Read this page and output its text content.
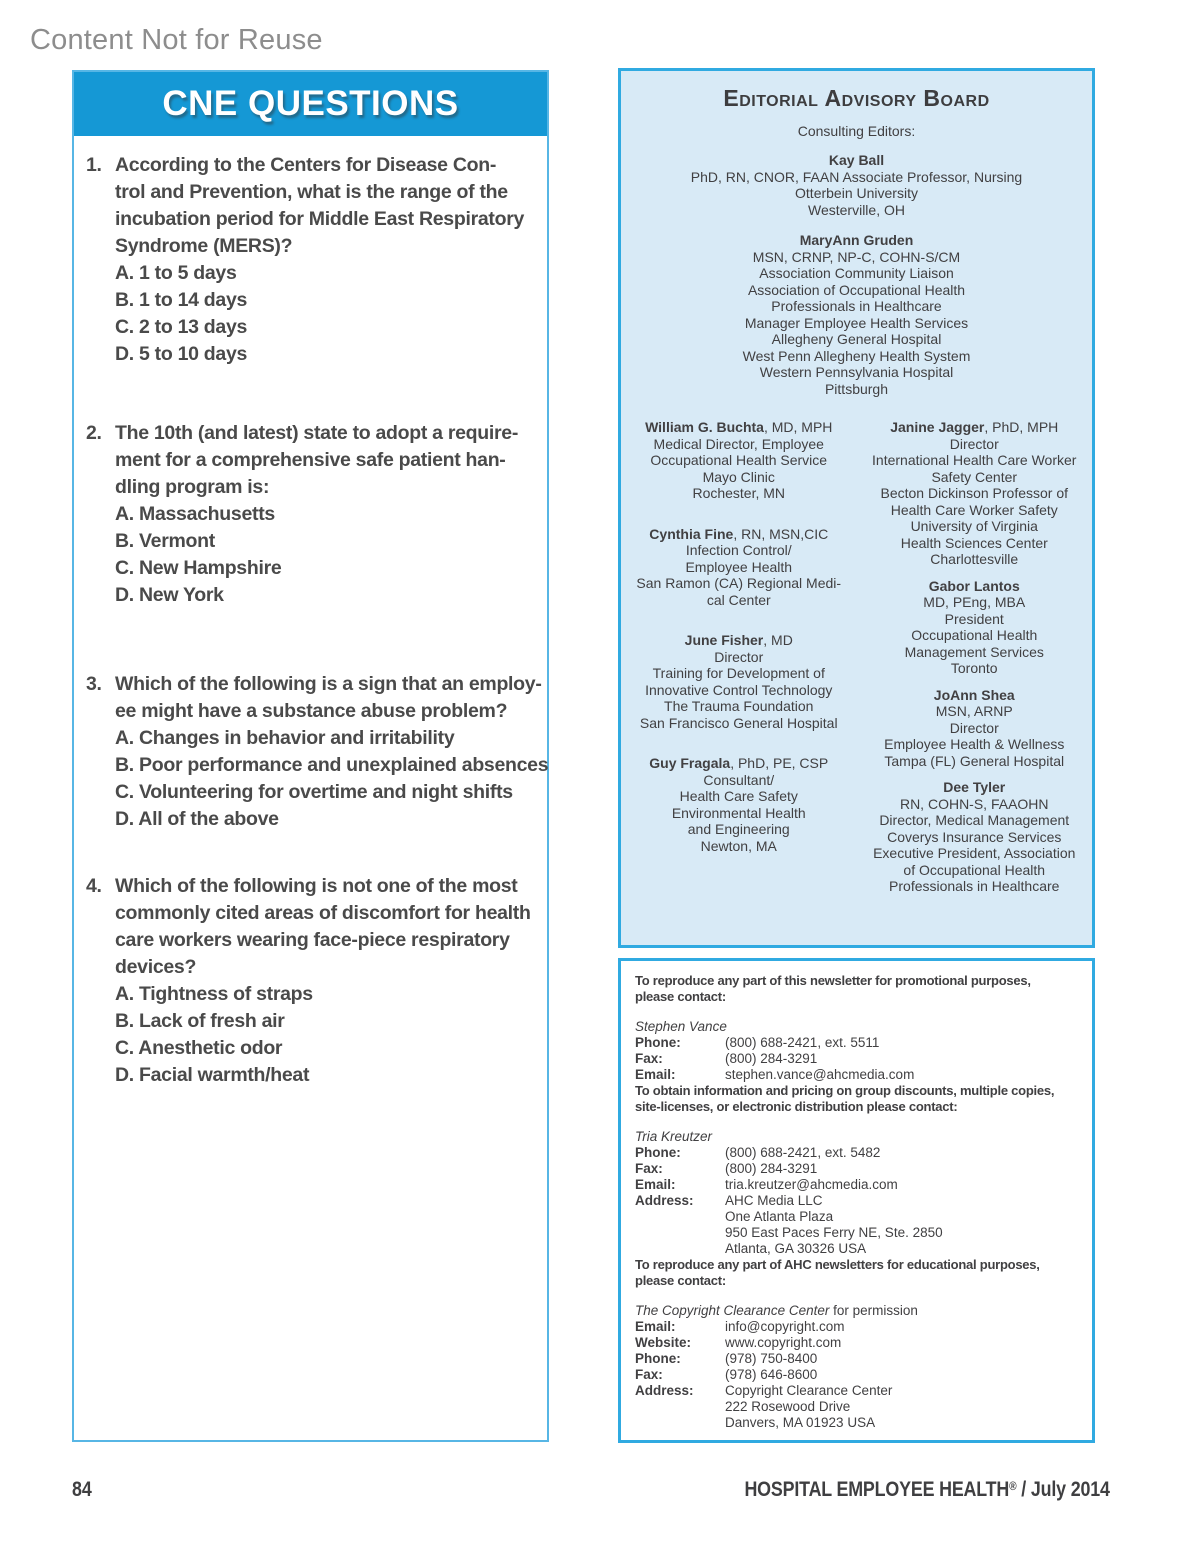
Content Not for Reuse
CNE QUESTIONS
1. According to the Centers for Disease Con-
trol and Prevention, what is the range of the
incubation period for Middle East Respiratory
Syndrome (MERS)?
A. 1 to 5 days
B. 1 to 14 days
C. 2 to 13 days
D. 5 to 10 days
2. The 10th (and latest) state to adopt a require-
ment for a comprehensive safe patient han-
dling program is:
A. Massachusetts
B. Vermont
C. New Hampshire
D. New York
3. Which of the following is a sign that an employ-
ee might have a substance abuse problem?
A. Changes in behavior and irritability
B. Poor performance and unexplained absences
C. Volunteering for overtime and night shifts
D. All of the above
4. Which of the following is not one of the most
commonly cited areas of discomfort for health
care workers wearing face-piece respiratory
devices?
A. Tightness of straps
B. Lack of fresh air
C. Anesthetic odor
D. Facial warmth/heat
Editorial Advisory Board
Consulting Editors:
Kay Ball
PhD, RN, CNOR, FAAN Associate Professor, Nursing
Otterbein University
Westerville, OH
MaryAnn Gruden
MSN, CRNP, NP-C, COHN-S/CM
Association Community Liaison
Association of Occupational Health
Professionals in Healthcare
Manager Employee Health Services
Allegheny General Hospital
West Penn Allegheny Health System
Western Pennsylvania Hospital
Pittsburgh
William G. Buchta, MD, MPH
Medical Director, Employee
Occupational Health Service
Mayo Clinic
Rochester, MN
Cynthia Fine, RN, MSN,CIC
Infection Control/
Employee Health
San Ramon (CA) Regional Medi-
cal Center
June Fisher, MD
Director
Training for Development of
Innovative Control Technology
The Trauma Foundation
San Francisco General Hospital
Guy Fragala, PhD, PE, CSP
Consultant/
Health Care Safety
Environmental Health
and Engineering
Newton, MA
Janine Jagger, PhD, MPH
Director
International Health Care Worker
Safety Center
Becton Dickinson Professor of
Health Care Worker Safety
University of Virginia
Health Sciences Center
Charlottesville
Gabor Lantos
MD, PEng, MBA
President
Occupational Health
Management Services
Toronto
JoAnn Shea
MSN, ARNP
Director
Employee Health & Wellness
Tampa (FL) General Hospital
Dee Tyler
RN, COHN-S, FAAOHN
Director, Medical Management
Coverys Insurance Services
Executive President, Association
of Occupational Health
Professionals in Healthcare
To reproduce any part of this newsletter for promotional purposes,
please contact:
Stephen Vance
Phone:	(800) 688-2421, ext. 5511
Fax:	(800) 284-3291
Email:	stephen.vance@ahcmedia.com
To obtain information and pricing on group discounts, multiple copies,
site-licenses, or electronic distribution please contact:
Tria Kreutzer
Phone:	(800) 688-2421, ext. 5482
Fax:	(800) 284-3291
Email:	tria.kreutzer@ahcmedia.com
Address:	AHC Media LLC
One Atlanta Plaza
950 East Paces Ferry NE, Ste. 2850
Atlanta, GA 30326 USA
To reproduce any part of AHC newsletters for educational purposes,
please contact:
The Copyright Clearance Center for permission
Email:	info@copyright.com
Website:	www.copyright.com
Phone:	(978) 750-8400
Fax:	(978) 646-8600
Address:	Copyright Clearance Center
222 Rosewood Drive
Danvers, MA 01923 USA
84	HOSPITAL EMPLOYEE HEALTH® / July 2014
